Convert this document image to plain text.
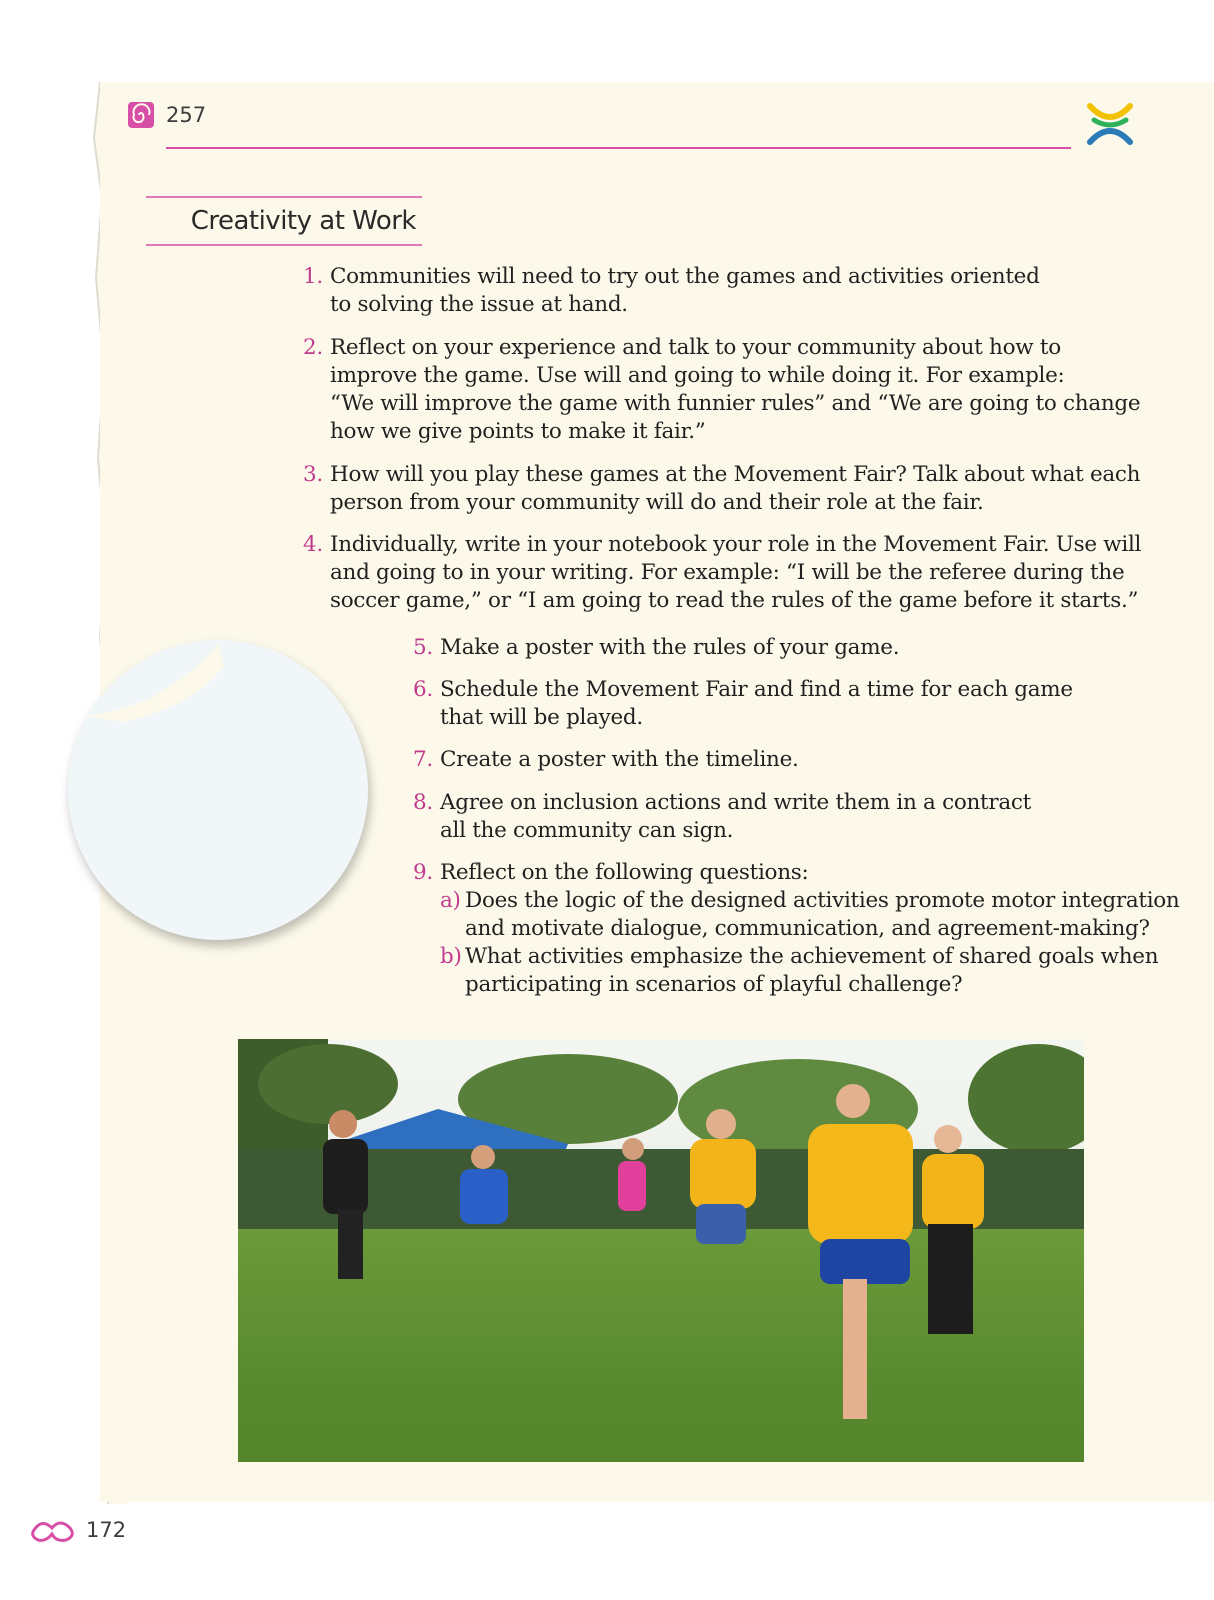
257
Creativity at Work
1. Communities will need to try out the games and activities oriented
to solving the issue at hand.
2. Reflect on your experience and talk to your community about how to
improve the game. Use will and going to while doing it. For example:
“We will improve the game with funnier rules” and “We are going to change
how we give points to make it fair.”
3. How will you play these games at the Movement Fair? Talk about what each
person from your community will do and their role at the fair.
4. Individually, write in your notebook your role in the Movement Fair. Use will
and going to in your writing. For example: “I will be the referee during the
soccer game,” or “I am going to read the rules of the game before it starts.”
5. Make a poster with the rules of your game.
6. Schedule the Movement Fair and find a time for each game
that will be played.
7. Create a poster with the timeline.
8. Agree on inclusion actions and write them in a contract
all the community can sign.
9. Reflect on the following questions:
a) Does the logic of the designed activities promote motor integration
and motivate dialogue, communication, and agreement-making?
b) What activities emphasize the achievement of shared goals when
participating in scenarios of playful challenge?
172
